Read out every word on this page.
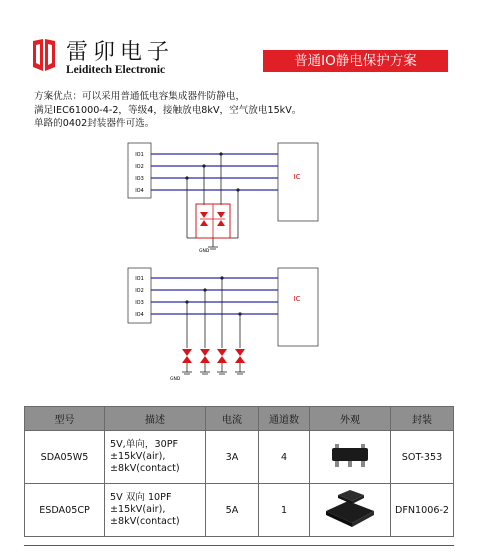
雷卯电子
Leiditech Electronic
普通IO静电保护方案
方案优点：可以采用普通低电容集成器件防静电，
满足IEC61000-4-2，等级4，接触放电8kV，空气放电15kV。
单路的0402封装器件可选。
IO1
IO2
IO3
IO4
IC
GND
IO1
IO2
IO3
IO4
IC
GND
型号	描述	电流	通道数	外观	封装
SDA05W5	5V,单向，30PF
±15kV(air),
±8kV(contact)	3A	4		SOT-353
ESDA05CP	5V 双向 10PF
±15kV(air),
±8kV(contact)	5A	1		DFN1006-2
